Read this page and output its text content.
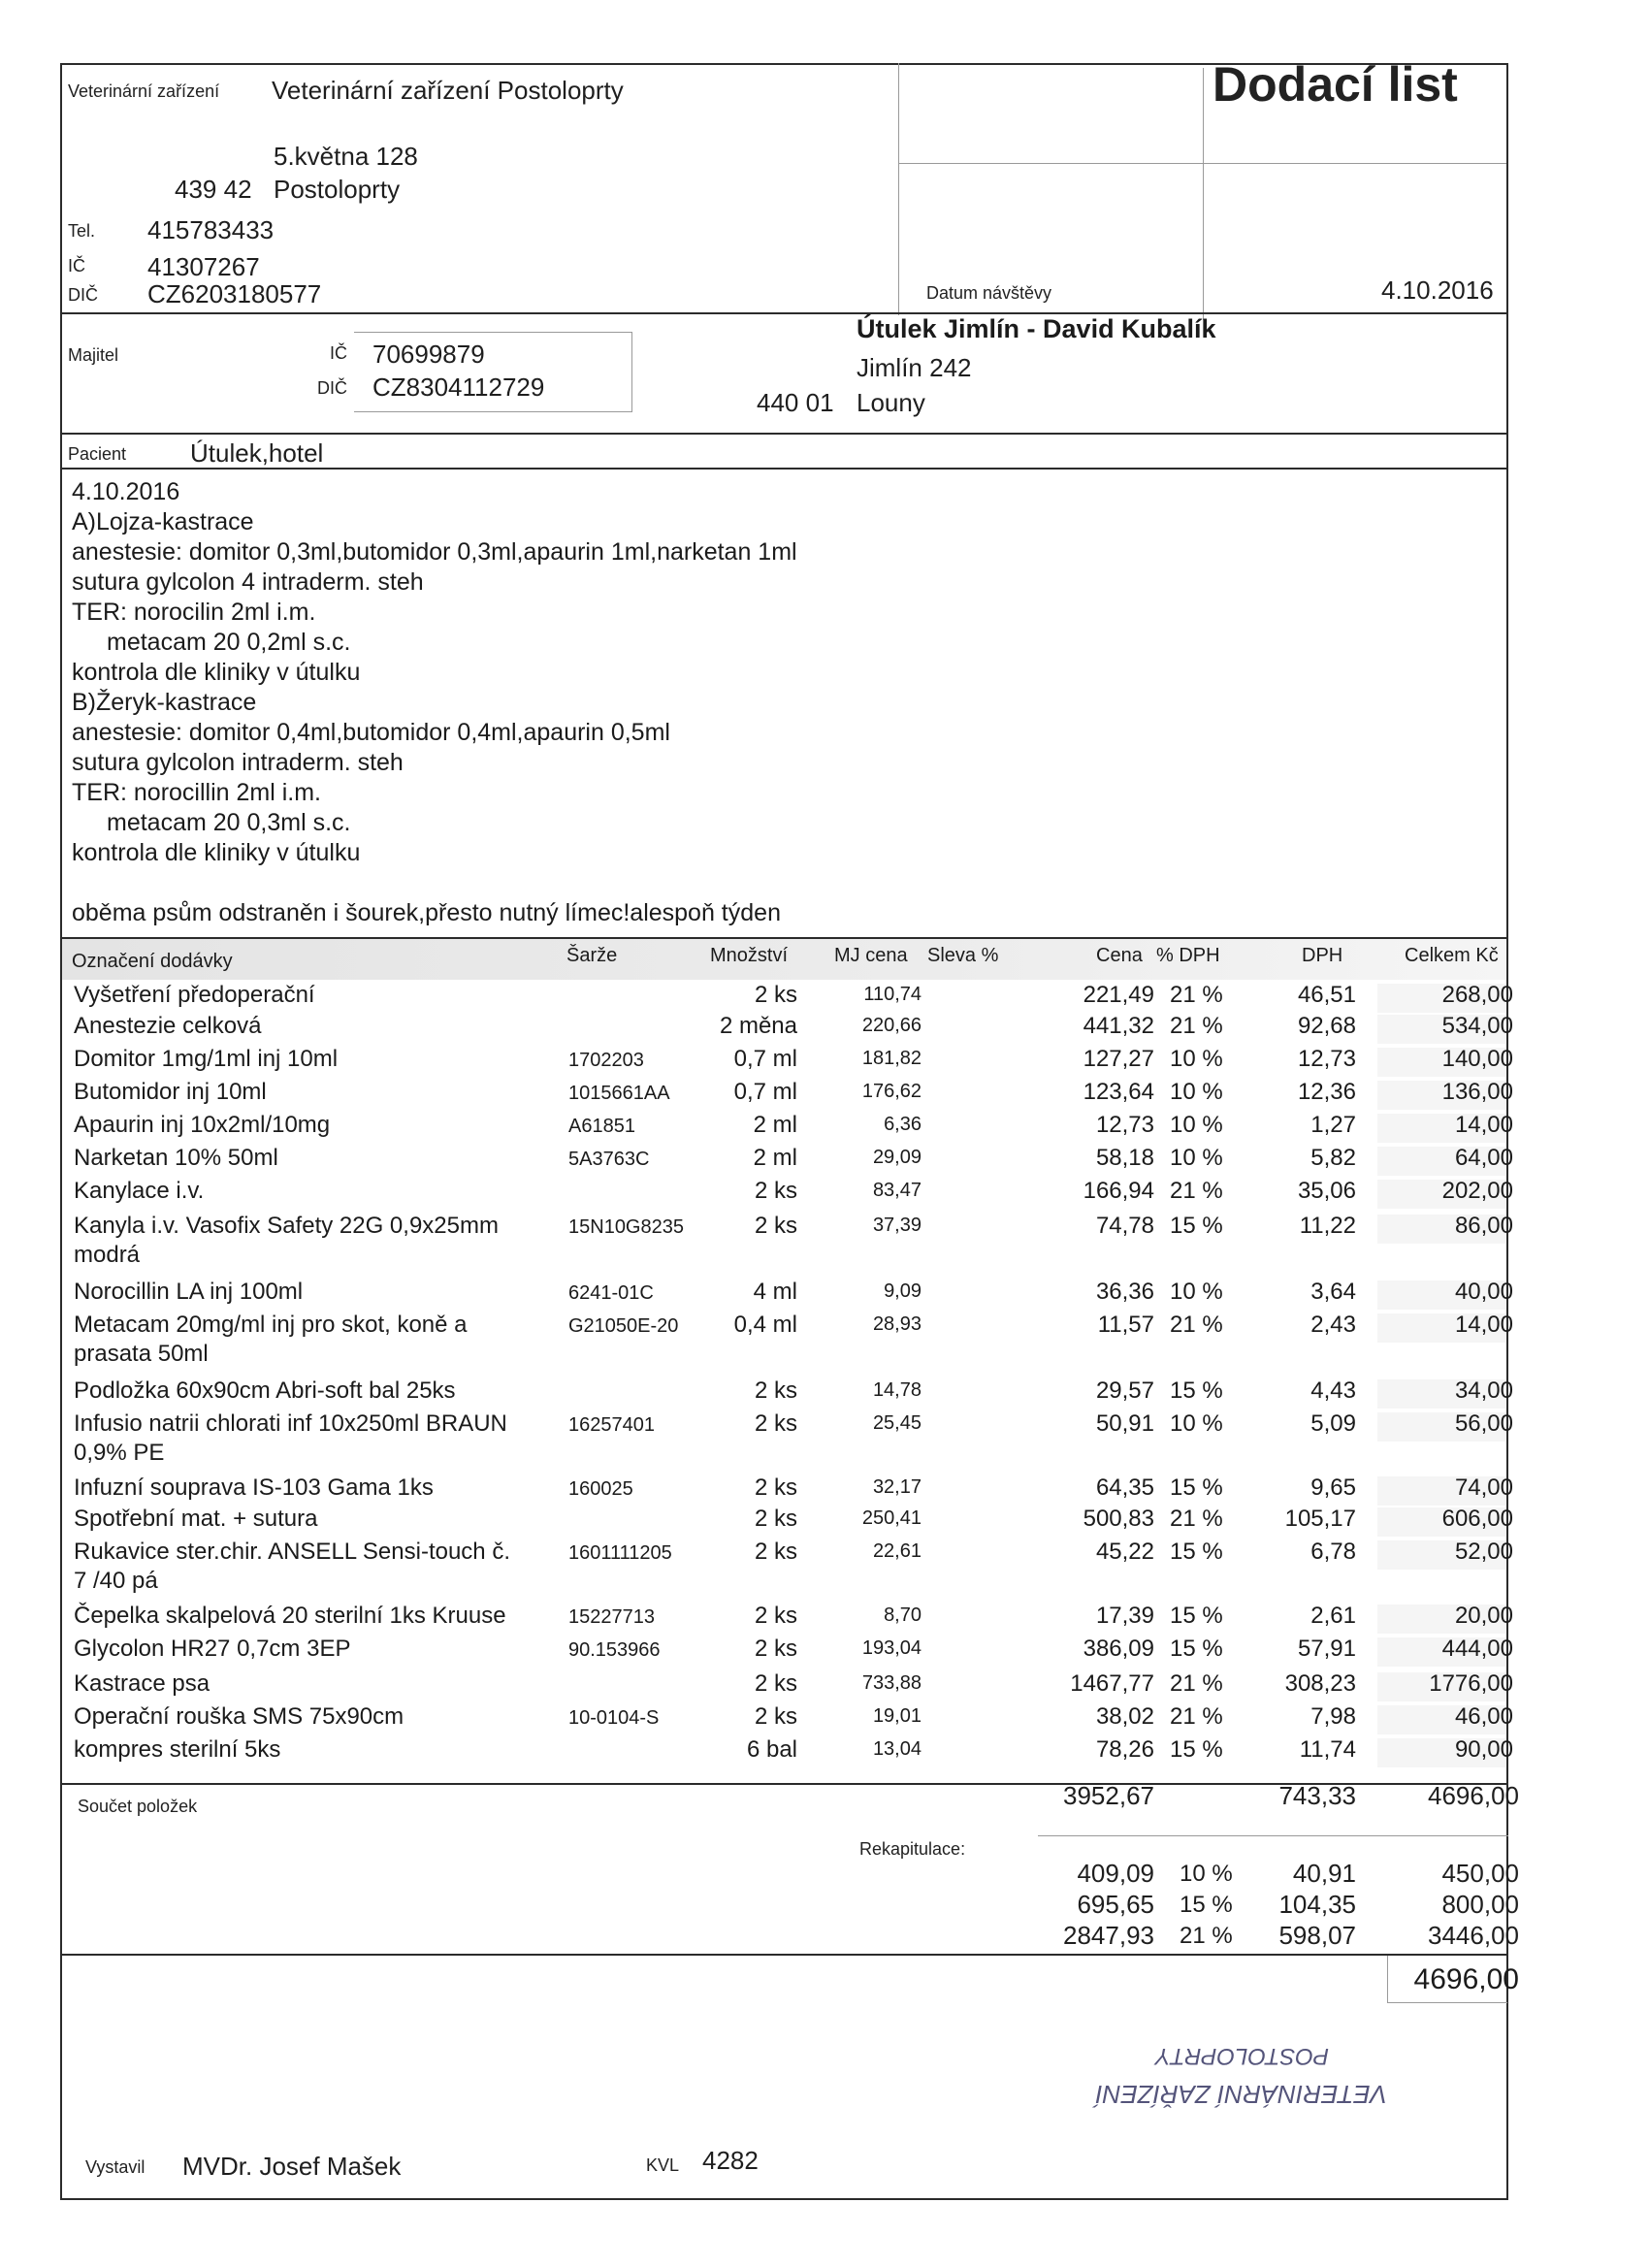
Dodací list
Veterinární zařízení Veterinární zařízení Postoloprty
5.května 128
439 42 Postoloprty
Tel. 415783433
IČ 41307267
DIČ CZ6203180577	Datum návštěvy	4.10.2016
Majitel	IČ 70699879
DIČ CZ8304112729
Útulek Jimlín - David Kubalík
Jimlín 242
440 01 Louny
Pacient	Útulek,hotel
4.10.2016
A)Lojza-kastrace
anestesie: domitor 0,3ml,butomidor 0,3ml,apaurin 1ml,narketan 1ml
sutura gylcolon 4 intraderm. steh
TER: norocilin 2ml i.m.
metacam 20 0,2ml s.c.
kontrola dle kliniky v útulku
B)Žeryk-kastrace
anestesie: domitor 0,4ml,butomidor 0,4ml,apaurin 0,5ml
sutura gylcolon intraderm. steh
TER: norocillin 2ml i.m.
metacam 20 0,3ml s.c.
kontrola dle kliniky v útulku
oběma psům odstraněn i šourek,přesto nutný límec!alespoň týden
Označení dodávky	Šarže	Množství MJ cena Sleva %	Cena % DPH	DPH	Celkem Kč
Vyšetření předoperační	2 ks	110,74	221,49 21 %	46,51	268,00
Anestezie celková	2 měna	220,66	441,32 21 %	92,68	534,00
Domitor 1mg/1ml inj 10ml	1702203	0,7 ml	181,82	127,27 10 %	12,73	140,00
Butomidor inj 10ml	1015661AA	0,7 ml	176,62	123,64 10 %	12,36	136,00
Apaurin inj 10x2ml/10mg	A61851	2 ml	6,36	12,73 10 %	1,27	14,00
Narketan 10% 50ml	5A3763C	2 ml	29,09	58,18 10 %	5,82	64,00
Kanylace i.v.	2 ks	83,47	166,94 21 %	35,06	202,00
Kanyla i.v. Vasofix Safety 22G 0,9x25mm	15N10G8235	2 ks	37,39	74,78 15 %	11,22	86,00
modrá
Norocillin LA inj 100ml	6241-01C	4 ml	9,09	36,36 10 %	3,64	40,00
Metacam 20mg/ml inj pro skot, koně a	G21050E-20	0,4 ml	28,93	11,57 21 %	2,43	14,00
prasata 50ml
Podložka 60x90cm Abri-soft bal 25ks	2 ks	14,78	29,57 15 %	4,43	34,00
Infusio natrii chlorati inf 10x250ml BRAUN	16257401	2 ks	25,45	50,91 10 %	5,09	56,00
0,9% PE
Infuzní souprava IS-103 Gama 1ks	160025	2 ks	32,17	64,35 15 %	9,65	74,00
Spotřební mat. + sutura	2 ks	250,41	500,83 21 %	105,17	606,00
Rukavice ster.chir. ANSELL Sensi-touch č.	1601111205	2 ks	22,61	45,22 15 %	6,78	52,00
7 /40 pá
Čepelka skalpelová 20 sterilní 1ks Kruuse	15227713	2 ks	8,70	17,39 15 %	2,61	20,00
Glycolon HR27 0,7cm 3EP	90.153966	2 ks	193,04	386,09 15 %	57,91	444,00
Kastrace psa	2 ks	733,88	1467,77 21 %	308,23	1776,00
Operační rouška SMS 75x90cm	10-0104-S	2 ks	19,01	38,02 21 %	7,98	46,00
kompres sterilní 5ks	6 bal	13,04	78,26 15 %	11,74	90,00
Součet položek	3952,67	743,33	4696,00
Rekapitulace:
409,09 10 %	40,91	450,00
695,65 15 %	104,35	800,00
2847,93 21 %	598,07	3446,00
4696,00
VETERINÁRNÍ ZAŘÍZENÍ
POSTOLOPRTY
Vystavil MVDr. Josef Mašek	KVL 4282
